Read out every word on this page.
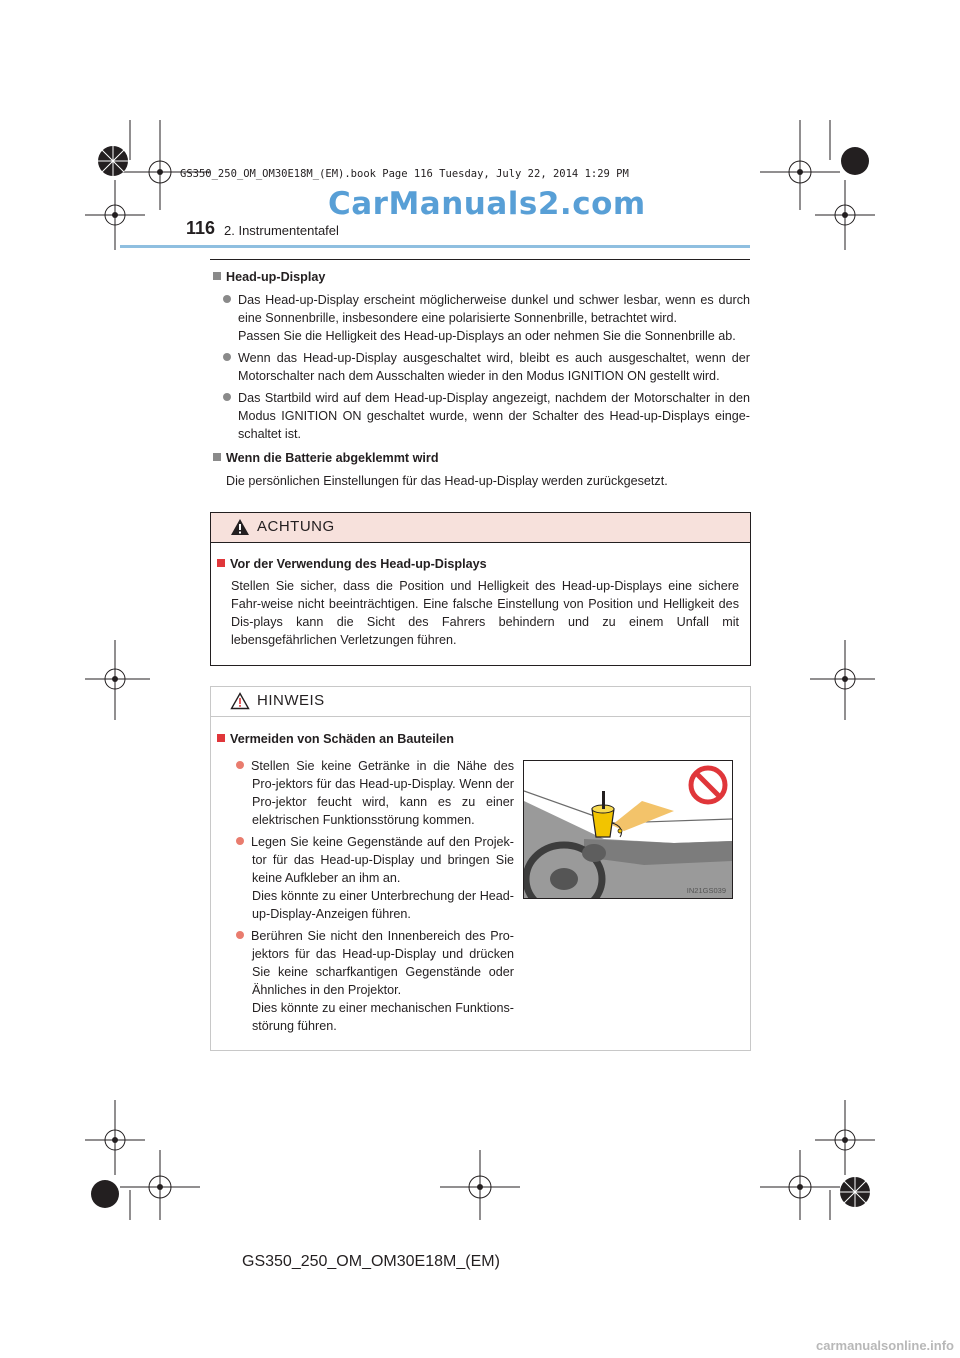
GS350_250_OM_OM30E18M_(EM).book Page 116 Tuesday, July 22, 2014 1:29 PM
CarManuals2.com
116 2. Instrumententafel
Head-up-Display
Das Head-up-Display erscheint möglicherweise dunkel und schwer lesbar, wenn es durch eine Sonnenbrille, insbesondere eine polarisierte Sonnenbrille, betrachtet wird.
Passen Sie die Helligkeit des Head-up-Displays an oder nehmen Sie die Sonnenbrille ab.
Wenn das Head-up-Display ausgeschaltet wird, bleibt es auch ausgeschaltet, wenn der Motorschalter nach dem Ausschalten wieder in den Modus IGNITION ON gestellt wird.
Das Startbild wird auf dem Head-up-Display angezeigt, nachdem der Motorschalter in den Modus IGNITION ON geschaltet wurde, wenn der Schalter des Head-up-Displays einge-schaltet ist.
Wenn die Batterie abgeklemmt wird
Die persönlichen Einstellungen für das Head-up-Display werden zurückgesetzt.
ACHTUNG
Vor der Verwendung des Head-up-Displays
Stellen Sie sicher, dass die Position und Helligkeit des Head-up-Displays eine sichere Fahr-weise nicht beeinträchtigen. Eine falsche Einstellung von Position und Helligkeit des Dis-plays kann die Sicht des Fahrers behindern und zu einem Unfall mit lebensgefährlichen Verletzungen führen.
HINWEIS
Vermeiden von Schäden an Bauteilen
Stellen Sie keine Getränke in die Nähe des Pro-jektors für das Head-up-Display. Wenn der Pro-jektor feucht wird, kann es zu einer elektrischen Funktionsstörung kommen.
Legen Sie keine Gegenstände auf den Projek-tor für das Head-up-Display und bringen Sie keine Aufkleber an ihm an.
Dies könnte zu einer Unterbrechung der Head-up-Display-Anzeigen führen.
Berühren Sie nicht den Innenbereich des Pro-jektors für das Head-up-Display und drücken Sie keine scharfkantigen Gegenstände oder Ähnliches in den Projektor.
Dies könnte zu einer mechanischen Funktions-störung führen.
IN21GS039
GS350_250_OM_OM30E18M_(EM)
carmanualsonline.info
